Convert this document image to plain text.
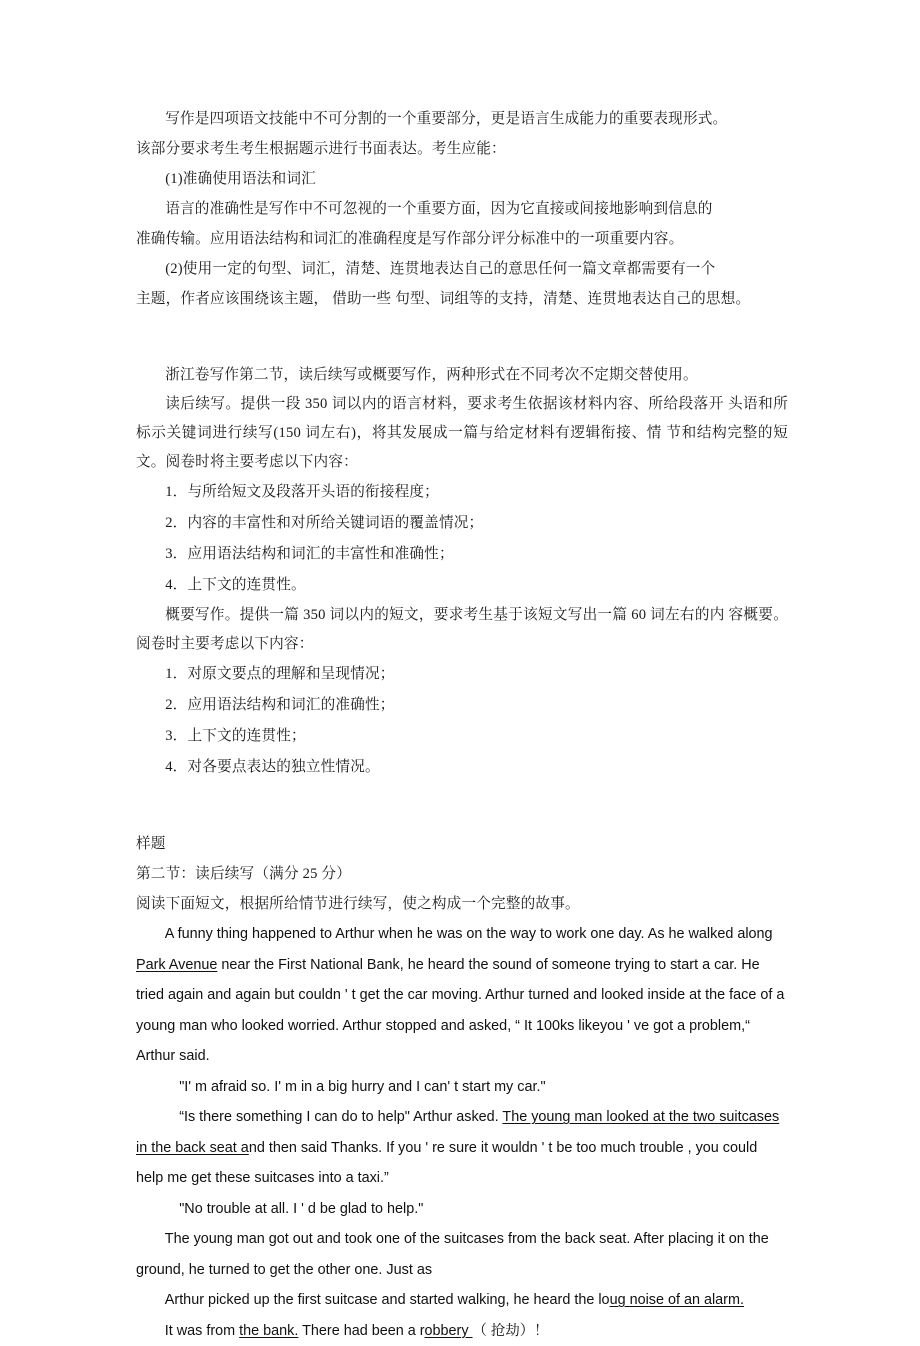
写作是四项语文技能中不可分割的一个重要部分，更是语言生成能力的重要表现形式。

该部分要求考生考生根据题示进行书面表达。考生应能：

(1)准确使用语法和词汇

语言的准确性是写作中不可忽视的一个重要方面，因为它直接或间接地影响到信息的

准确传输。应用语法结构和词汇的准确程度是写作部分评分标准中的一项重要内容。

(2)使用一定的句型、词汇，清楚、连贯地表达自己的意思任何一篇文章都需要有一个

主题，作者应该围绕该主题， 借助一些 句型、词组等的支持，清楚、连贯地表达自己的思想。

浙江卷写作第二节，读后续写或概要写作，两种形式在不同考次不定期交替使用。

读后续写。提供一段 350 词以内的语言材料，要求考生依据该材料内容、所给段落开 头语和所标示关键词进行续写(150 词左右)，将其发展成一篇与给定材料有逻辑衔接、情 节和结构完整的短文。阅卷时将主要考虑以下内容：

1．与所给短文及段落开头语的衔接程度；

2．内容的丰富性和对所给关键词语的覆盖情况；

3．应用语法结构和词汇的丰富性和准确性；

4．上下文的连贯性。

概要写作。提供一篇 350 词以内的短文，要求考生基于该短文写出一篇 60 词左右的内 容概要。阅卷时主要考虑以下内容：

1．对原文要点的理解和呈现情况；

2．应用语法结构和词汇的准确性；

3．上下文的连贯性；

4．对各要点表达的独立性情况。

样题

第二节：读后续写（满分 25 分）

阅读下面短文，根据所给情节进行续写，使之构成一个完整的故事。

A funny thing happened to Arthur when he was on the way to work one day. As he walked along Park Avenue near the First National Bank, he heard the sound of someone trying to start a car. He tried again and again but couldn ' t get the car moving. Arthur turned and looked inside at the face of a young man who looked worried. Arthur stopped and asked, “ It 100ks likeyou ' ve got a problem,“ Arthur said.

"I' m afraid so. I' m in a big hurry and I can' t start my car."

“Is there something I can do to help" Arthur asked. The young man looked at the two suitcases in the back seat and then said Thanks. If you ' re sure it wouldn ' t be too much trouble , you could help me get these suitcases into a taxi.”

"No trouble at all. I ' d be glad to help."

The young man got out and took one of the suitcases from the back seat. After placing it on the ground, he turned to get the other one. Just as

Arthur picked up the first suitcase and started walking, he heard the loug noise of an alarm.

It was from the bank. There had been a robbery （ 抢劫）！
